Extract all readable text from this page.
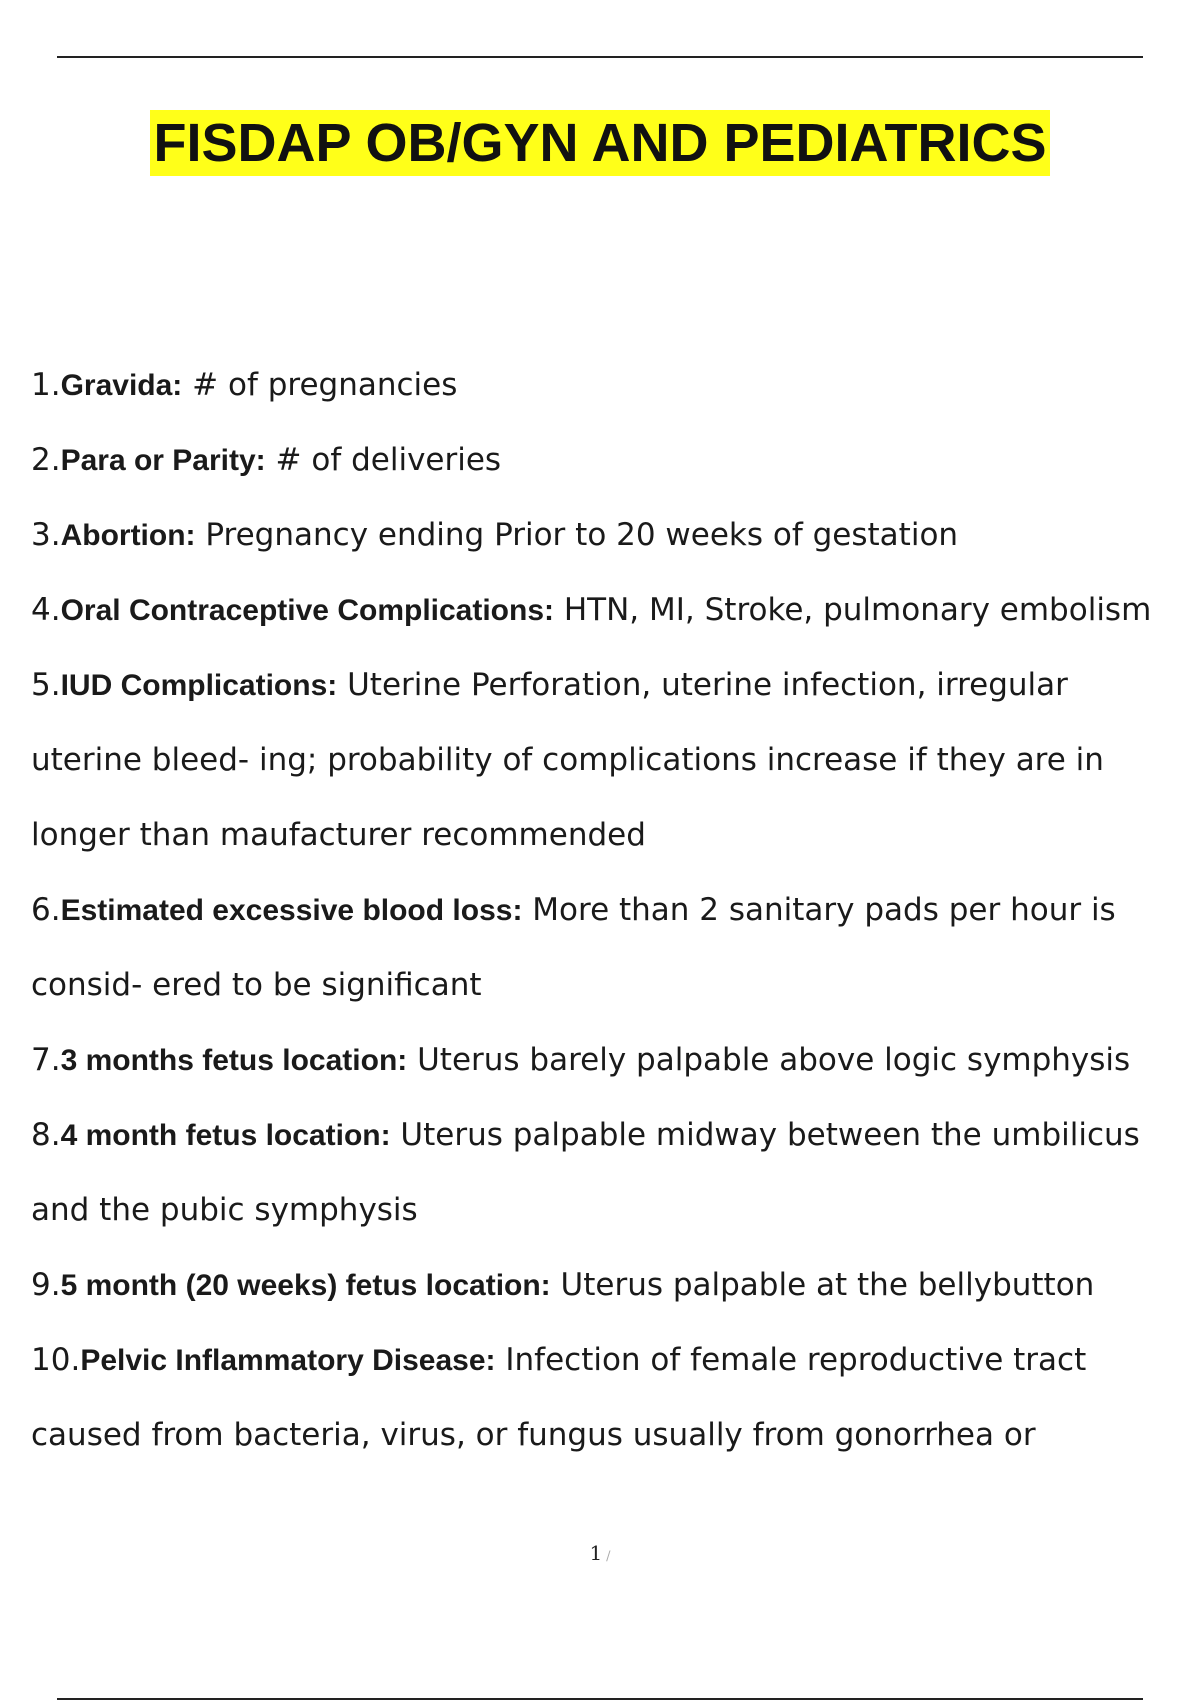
FISDAP OB/GYN AND PEDIATRICS
1.Gravida: # of pregnancies
2.Para or Parity: # of deliveries
3.Abortion: Pregnancy ending Prior to 20 weeks of gestation
4.Oral Contraceptive Complications: HTN, MI, Stroke, pulmonary embolism
5.IUD Complications: Uterine Perforation, uterine infection, irregular
uterine bleed- ing; probability of complications increase if they are in
longer than maufacturer recommended
6.Estimated excessive blood loss: More than 2 sanitary pads per hour is
consid- ered to be significant
7.3 months fetus location: Uterus barely palpable above logic symphysis
8.4 month fetus location: Uterus palpable midway between the umbilicus
and the pubic symphysis
9.5 month (20 weeks) fetus location: Uterus palpable at the bellybutton
10.Pelvic Inflammatory Disease: Infection of female reproductive tract
caused from bacteria, virus, or fungus usually from gonorrhea or
1 /
